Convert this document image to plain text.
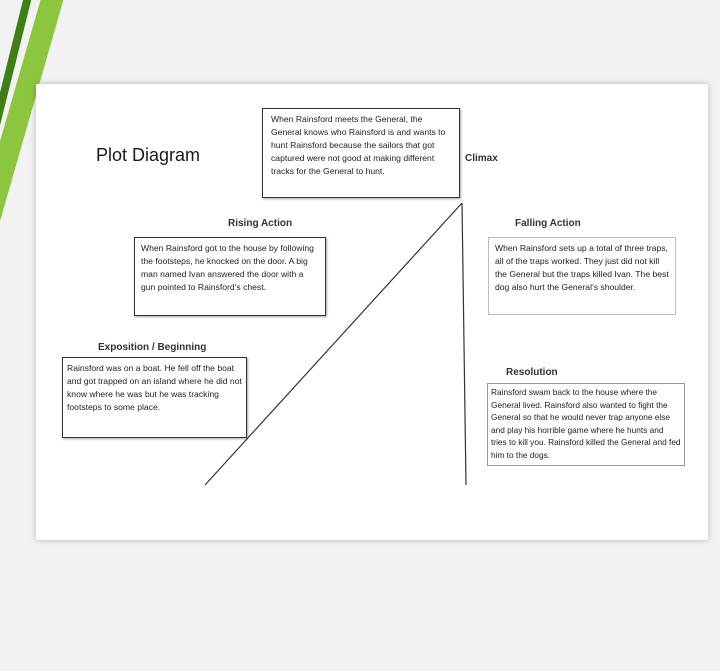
Plot Diagram	Climax
Rising Action	Falling Action
Exposition / Beginning
Resolution
When Rainsford meets the General, the General knows who Rainsford is and wants to hunt Rainsford because the sailors that got captured were not good at making different tracks for the General to hunt.
When Rainsford got to the house by following the footsteps, he knocked on the door. A big man named Ivan answered the door with a gun pointed to Rainsford’s chest.
When Rainsford sets up a total of three traps, all of the traps worked. They just did not kill the General but the traps killed Ivan. The best dog also hurt the General’s shoulder.
Rainsford was on a boat. He fell off the boat and got trapped on an island where he did not know where he was but he was tracking footsteps to some place.
Rainsford swam back to the house where the General lived. Rainsford also wanted to fight the General so that he would never trap anyone else and play his horrible game where he hunts and tries to kill you. Rainsford killed the General and fed him to the dogs.
